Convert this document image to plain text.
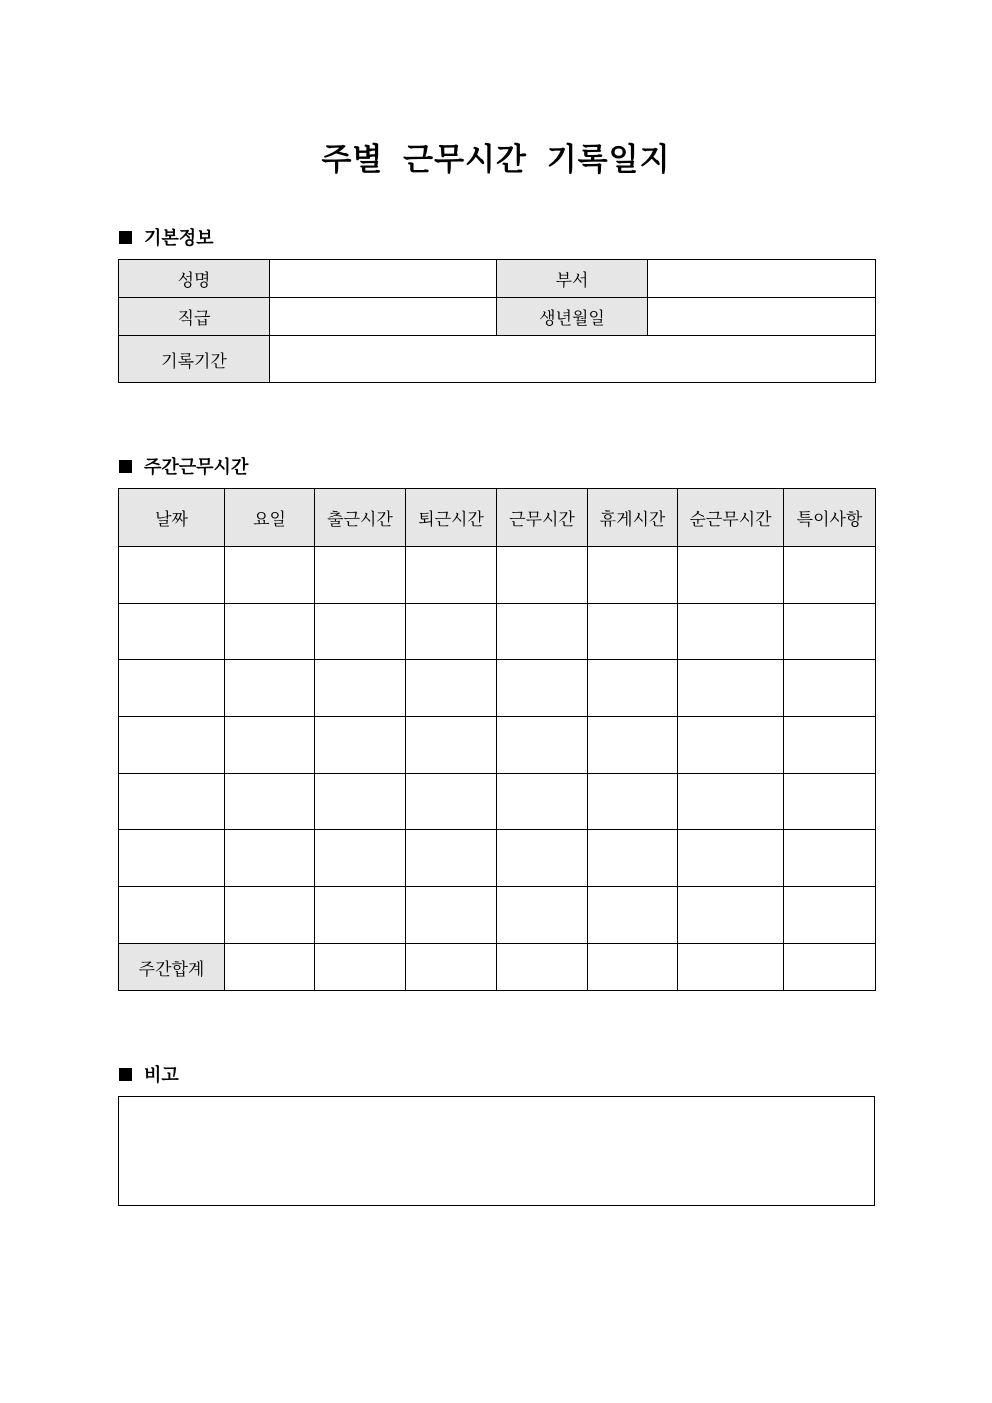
주별 근무시간 기록일지
기본정보
성명		부서	
직급		생년월일	
기록기간			
주간근무시간
날짜	요일	출근시간	퇴근시간	근무시간	휴게시간	순근무시간	특이사항

주간합계							
비고
